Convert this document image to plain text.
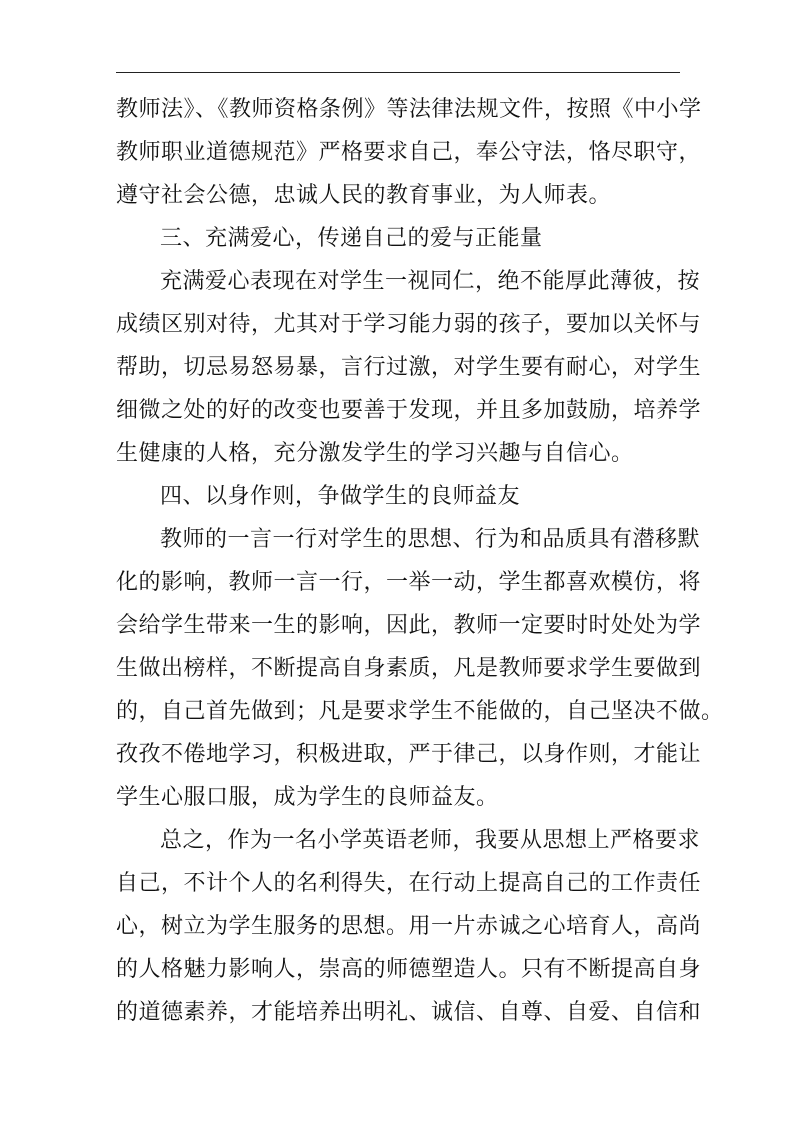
教师法》、《教师资格条例》等法律法规文件，按照《中小学
教师职业道德规范》严格要求自己，奉公守法，恪尽职守，
遵守社会公德，忠诚人民的教育事业，为人师表。
三、充满爱心，传递自己的爱与正能量
充满爱心表现在对学生一视同仁，绝不能厚此薄彼，按
成绩区别对待，尤其对于学习能力弱的孩子，要加以关怀与
帮助，切忌易怒易暴，言行过激，对学生要有耐心，对学生
细微之处的好的改变也要善于发现，并且多加鼓励，培养学
生健康的人格，充分激发学生的学习兴趣与自信心。
四、以身作则，争做学生的良师益友
教师的一言一行对学生的思想、行为和品质具有潜移默
化的影响，教师一言一行，一举一动，学生都喜欢模仿，将
会给学生带来一生的影响，因此，教师一定要时时处处为学
生做出榜样，不断提高自身素质，凡是教师要求学生要做到
的，自己首先做到；凡是要求学生不能做的，自己坚决不做。
孜孜不倦地学习，积极进取，严于律己，以身作则，才能让
学生心服口服，成为学生的良师益友。
总之，作为一名小学英语老师，我要从思想上严格要求
自己，不计个人的名利得失，在行动上提高自己的工作责任
心，树立为学生服务的思想。用一片赤诚之心培育人，高尚
的人格魅力影响人，崇高的师德塑造人。只有不断提高自身
的道德素养，才能培养出明礼、诚信、自尊、自爱、自信和
